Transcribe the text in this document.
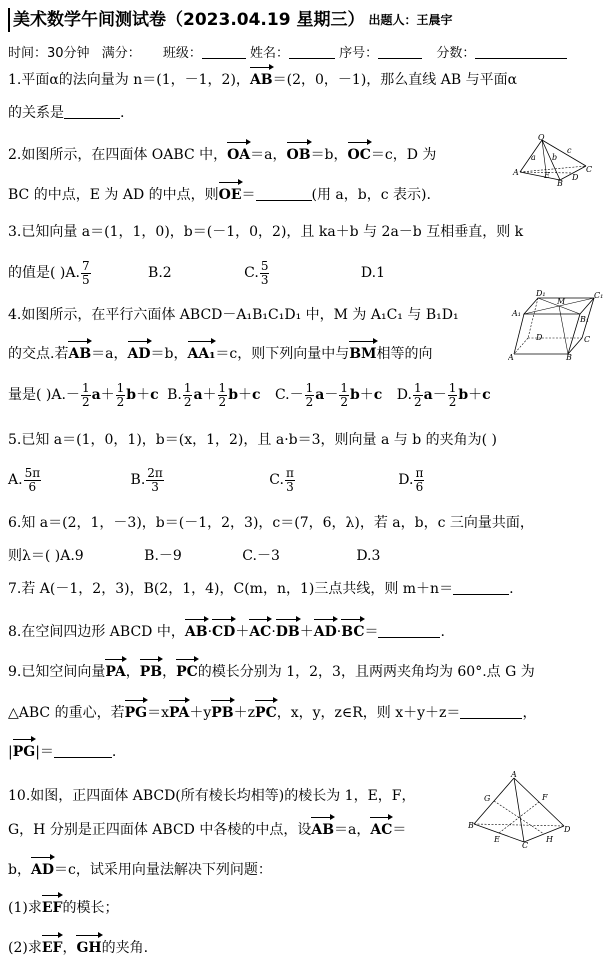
美术数学午间测试卷（2023.04.19 星期三） 出题人：王晨宇
时间：30分钟 满分： 班级：	姓名：	序号：	分数：
1.平面α的法向量为 n＝(1，－1，2)，AB＝(2，0，－1)，那么直线 AB 与平面α
的关系是	.
2.如图所示，在四面体 OABC 中，OA＝a，OB＝b，OC＝c，D 为
BC 的中点，E 为 AD 的中点，则OE＝	(用 a，b，c 表示).
O
A
B
C
D
E
a b
c
3.已知向量 a＝(1，1，0)，b＝(－1，0，2)，且 ka＋b 与 2a－b 互相垂直，则 k
的值是( )A. $\frac{7}{5}$	B.2	C. $\frac{5}{3}$	D.1
4.如图所示，在平行六面体 ABCD－A₁B₁C₁D₁ 中，M 为 A₁C₁ 与 B₁D₁
的交点.若AB＝a，AD＝b，AA₁＝c，则下列向量中与BM相等的向
量是( )$A.- \frac{1}{2} a+ \frac{1}{2} b+c$ B. $\frac{1}{2} a+ \frac{1}{2} b+c$ $C.- \frac{1}{2} a- \frac{1}{2} b+c$ D. $\frac{1}{2} a- \frac{1}{2} b+c$
D₁	C₁
A₁
B₁
M
D	C
A	B
5.已知 a＝(1，0，1)，b＝(x，1，2)，且 a·b＝3，则向量 a 与 b 的夹角为( )
A. $\frac{5\pi}{6}$	B. $\frac{2\pi}{3}$	C. $\frac{\pi}{3}$	D. $\frac{\pi}{6}$
6.知 a＝(2，1，－3)，b＝(－1，2，3)，c＝(7，6，λ)，若 a，b，c 三向量共面，
则λ＝( )A.9	B.－9	C.－3	D.3
7.若 A(－1，2，3)，B(2，1，4)，C(m，n，1)三点共线，则 m＋n＝	.
8.在空间四边形 ABCD 中，AB·CD＋AC·DB＋AD·BC＝	.
9.已知空间向量PA，PB，PC的模长分别为 1，2，3，且两两夹角均为 60°.点 G 为
△ABC 的重心，若PG＝xPA＋yPB＋zPC，x，y，z∈R，则 x＋y＋z＝	，
|PG|＝	.
10.如图，正四面体 ABCD(所有棱长均相等)的棱长为 1，E，F，
G，H 分别是正四面体 ABCD 中各棱的中点，设AB＝a，AC＝
b，AD＝c，试采用向量法解决下列问题：
(1)求EF的模长；
(2)求EF，GH的夹角.
A
B
C
D
E
F
G
H
